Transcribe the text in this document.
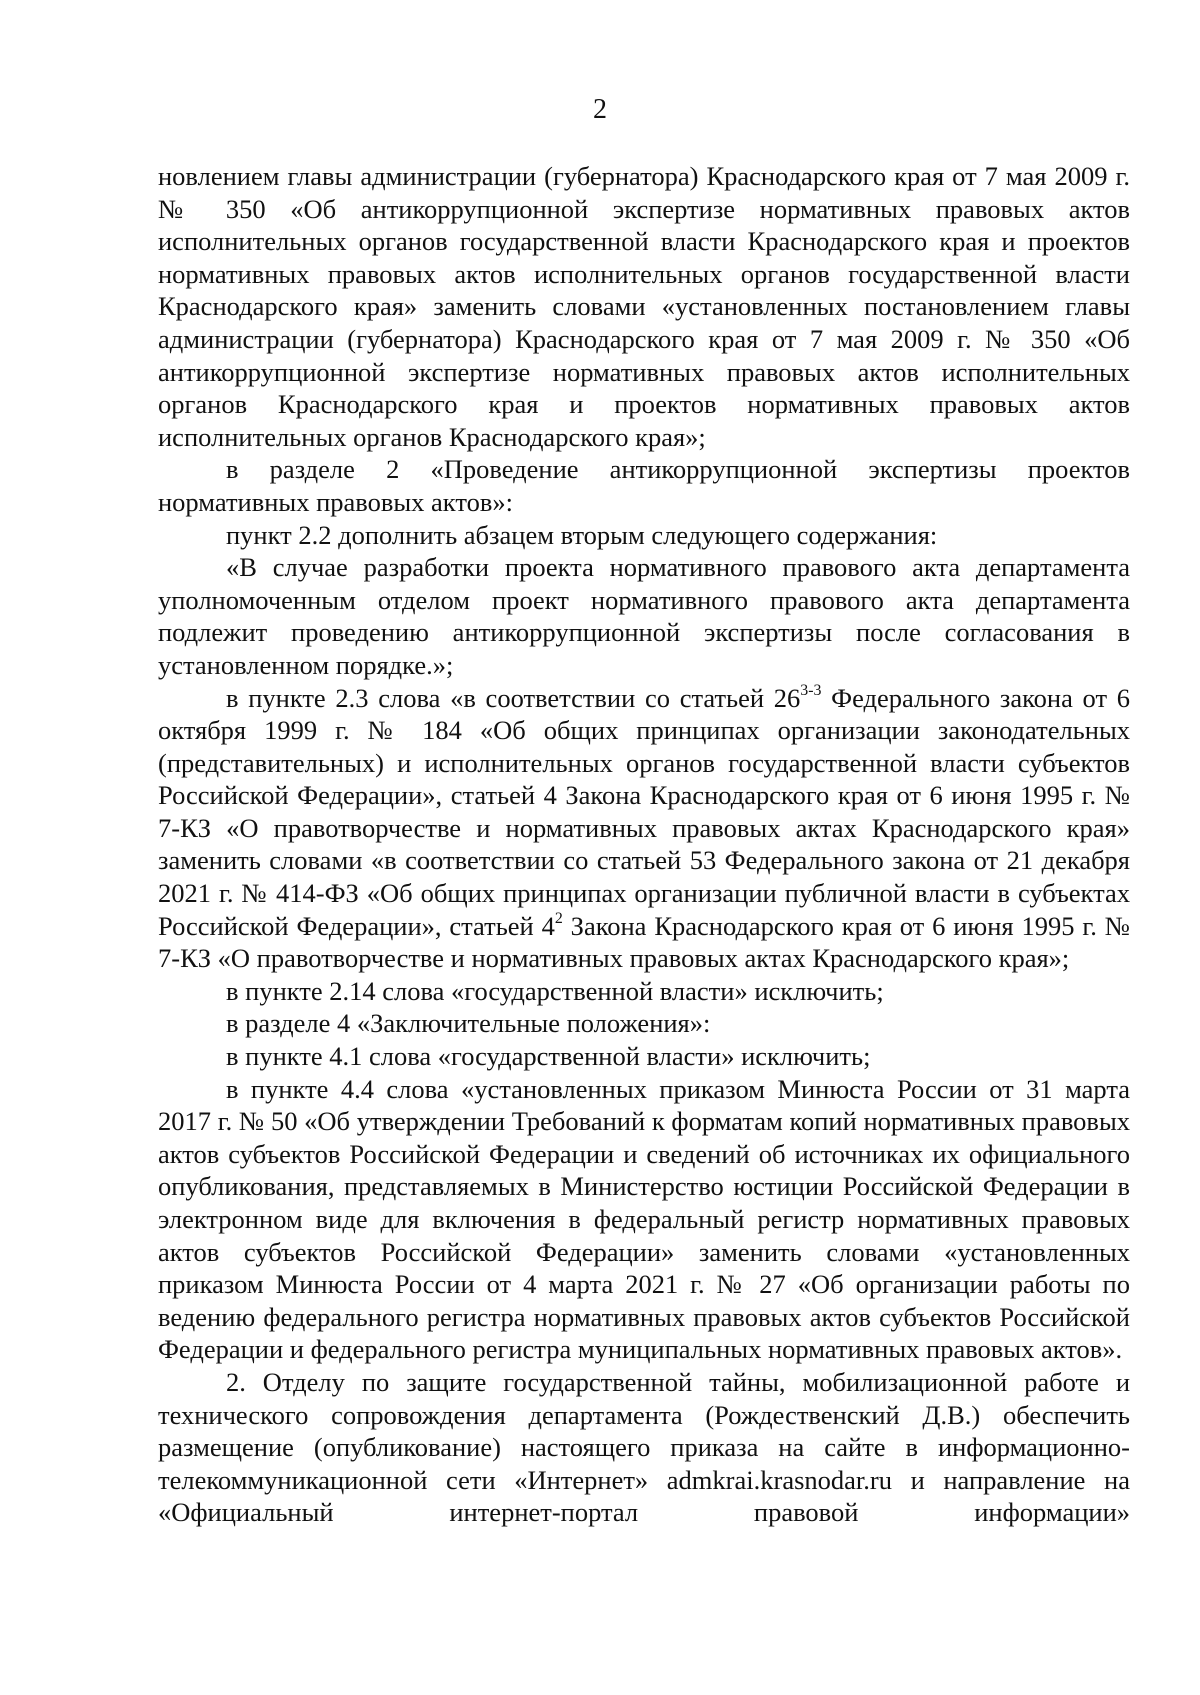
2

новлением главы администрации (губернатора) Краснодарского края от 7 мая 2009 г. № 350 «Об антикоррупционной экспертизе нормативных правовых актов исполнительных органов государственной власти Краснодарского края и проектов нормативных правовых актов исполнительных органов государственной власти Краснодарского края» заменить словами «установленных постановлением главы администрации (губернатора) Краснодарского края от 7 мая 2009 г. № 350 «Об антикоррупционной экспертизе нормативных правовых актов исполнительных органов Краснодарского края и проектов нормативных правовых актов исполнительных органов Краснодарского края»;

в разделе 2 «Проведение антикоррупционной экспертизы проектов нормативных правовых актов»:

пункт 2.2 дополнить абзацем вторым следующего содержания:

«В случае разработки проекта нормативного правового акта департамента уполномоченным отделом проект нормативного правового акта департамента подлежит проведению антикоррупционной экспертизы после согласования в установленном порядке.»;

в пункте 2.3 слова «в соответствии со статьей 26$^{3-3}$ Федерального закона от 6 октября 1999 г. № 184 «Об общих принципах организации законодательных (представительных) и исполнительных органов государственной власти субъектов Российской Федерации», статьей 4 Закона Краснодарского края от 6 июня 1995 г. № 7-КЗ «О правотворчестве и нормативных правовых актах Краснодарского края» заменить словами «в соответствии со статьей 53 Федерального закона от 21 декабря 2021 г. № 414-ФЗ «Об общих принципах организации публичной власти в субъектах Российской Федерации», статьей $4^2$ Закона Краснодарского края от 6 июня 1995 г. № 7-КЗ «О правотворчестве и нормативных правовых актах Краснодарского края»;

в пункте 2.14 слова «государственной власти» исключить;

в разделе 4 «Заключительные положения»:

в пункте 4.1 слова «государственной власти» исключить;

в пункте 4.4 слова «установленных приказом Минюста России от 31 марта 2017 г. № 50 «Об утверждении Требований к форматам копий нормативных правовых актов субъектов Российской Федерации и сведений об источниках их официального опубликования, представляемых в Министерство юстиции Российской Федерации в электронном виде для включения в федеральный регистр нормативных правовых актов субъектов Российской Федерации» заменить словами «установленных приказом Минюста России от 4 марта 2021 г. № 27 «Об организации работы по ведению федерального регистра нормативных правовых актов субъектов Российской Федерации и федерального регистра муниципальных нормативных правовых актов».

2. Отделу по защите государственной тайны, мобилизационной работе и технического сопровождения департамента (Рождественский Д.В.) обеспечить размещение (опубликование) настоящего приказа на сайте в информационно-телекоммуникационной сети «Интернет» admkrai.krasnodar.ru и направление на «Официальный интернет-портал правовой информации»
